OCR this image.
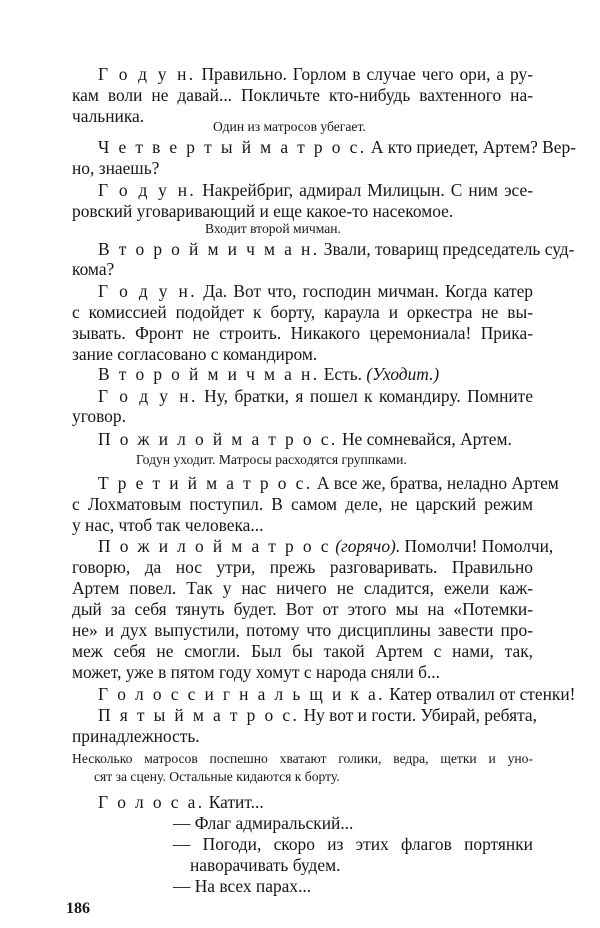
Г о д у н. Правильно. Горлом в случае чего ори, а ру-
кам воли не давай... Покличьте кто-нибудь вахтенного на-
чальника.
Один из матросов убегает.
Ч е т в е р т ы й м а т р о с. А кто приедет, Артем? Вер-
но, знаешь?
Г о д у н. Накрейбриг, адмирал Милицын. С ним эсе-
ровский уговаривающий и еще какое-то насекомое.
Входит второй мичман.
В т о р о й м и ч м а н. Звали, товарищ председатель суд-
кома?
Г о д у н. Да. Вот что, господин мичман. Когда катер
с комиссией подойдет к борту, караула и оркестра не вы-
зывать. Фронт не строить. Никакого церемониала! Прика-
зание согласовано с командиром.
В т о р о й м и ч м а н. Есть. (Уходит.)
Г о д у н. Ну, братки, я пошел к командиру. Помните
уговор.
П о ж и л о й м а т р о с. Не сомневайся, Артем.
Годун уходит. Матросы расходятся группками.
Т р е т и й м а т р о с. А все же, братва, неладно Артем
с Лохматовым поступил. В самом деле, не царский режим
у нас, чтоб так человека...
П о ж и л о й м а т р о с (горячо). Помолчи! Помолчи,
говорю, да нос утри, прежь разговаривать. Правильно
Артем повел. Так у нас ничего не сладится, ежели каж-
дый за себя тянуть будет. Вот от этого мы на «Потемки-
не» и дух выпустили, потому что дисциплины завести про-
меж себя не смогли. Был бы такой Артем с нами, так,
может, уже в пятом году хомут с народа сняли б...
Г о л о с с и г н а л ь щ и к а. Катер отвалил от стенки!
П я т ы й м а т р о с. Ну вот и гости. Убирай, ребята,
принадлежность.
Несколько матросов поспешно хватают голики, ведра, щетки и уно-
сят за сцену. Остальные кидаются к борту.
Г о л о с а. Катит...
— Флаг адмиральский...
— Погоди, скоро из этих флагов портянки
наворачивать будем.
— На всех парах...
186
